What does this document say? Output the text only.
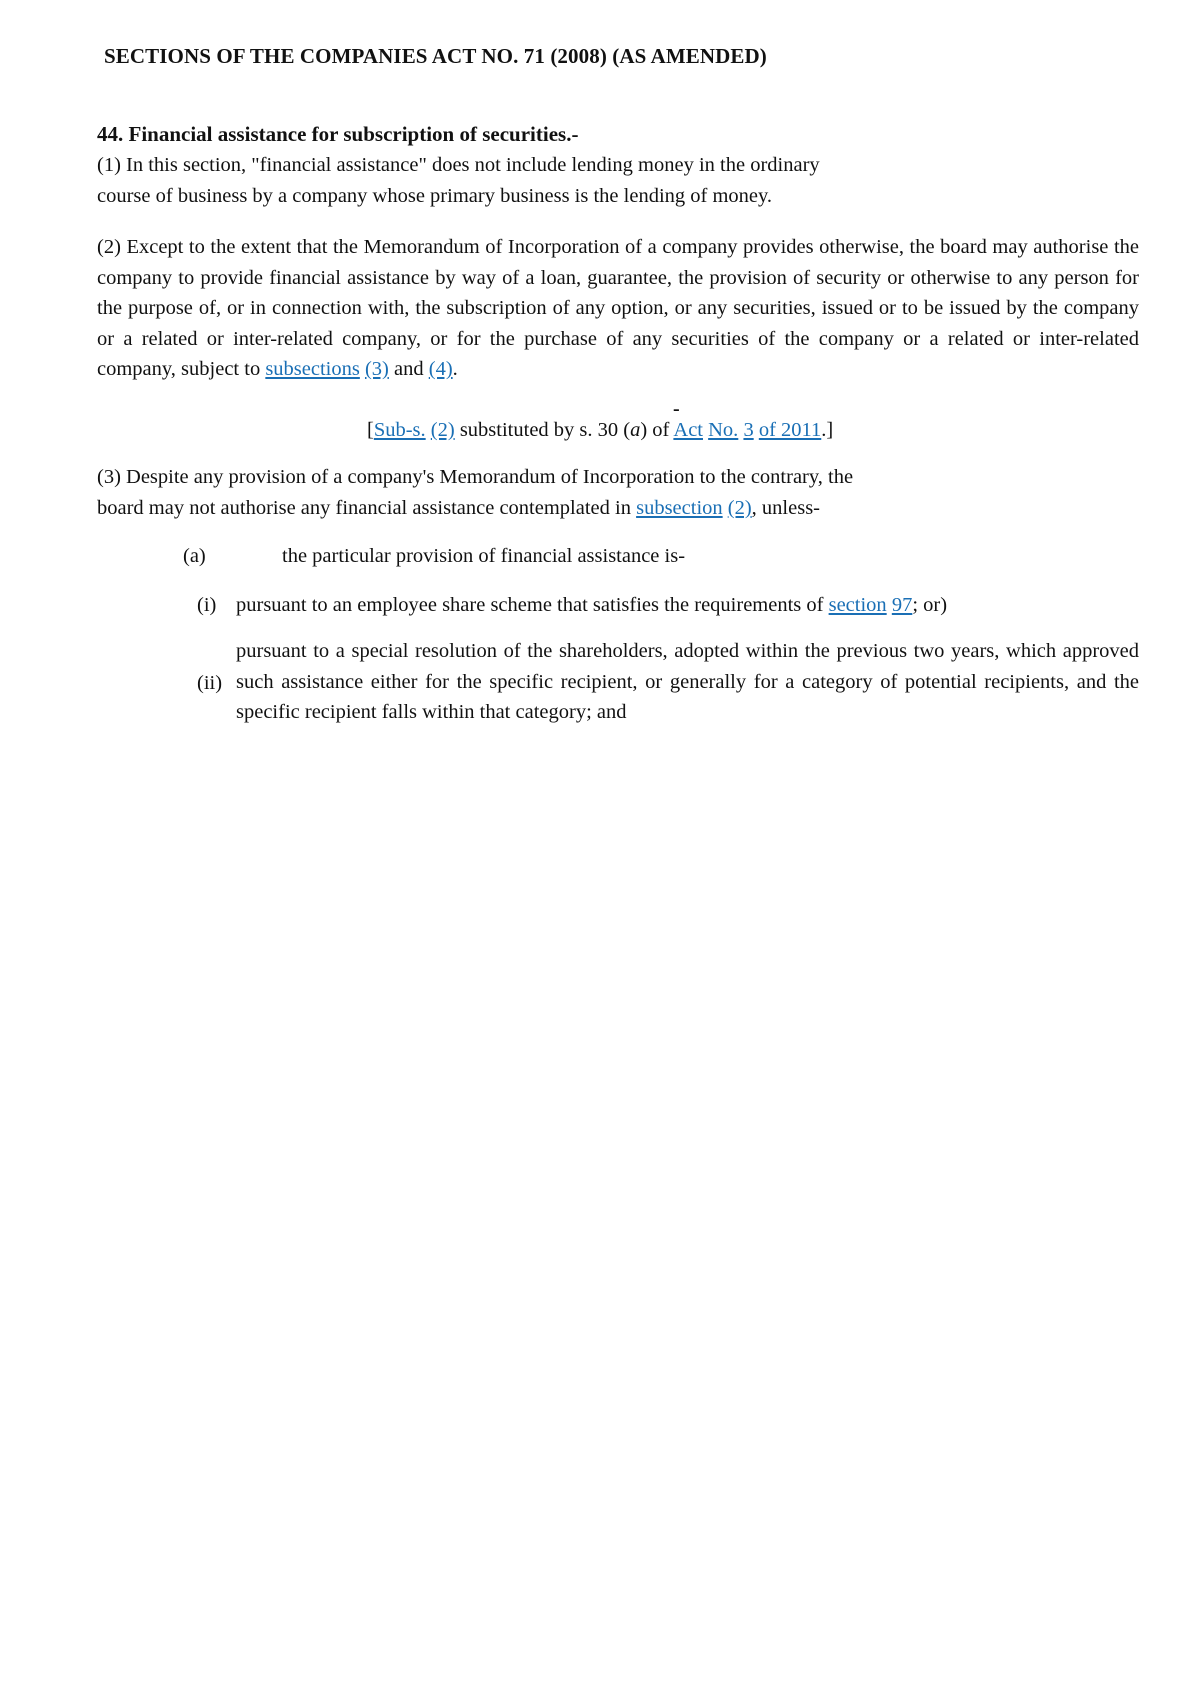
SECTIONS OF THE COMPANIES ACT NO. 71 (2008) (AS AMENDED)
44. Financial assistance for subscription of securities.-
(1) In this section, "financial assistance" does not include lending money in the ordinary
course of business by a company whose primary business is the lending of money.
(2) Except to the extent that the Memorandum of Incorporation of a company provides otherwise, the board may authorise the company to provide financial assistance by way of a loan, guarantee, the provision of security or otherwise to any person for the purpose of, or in connection with, the subscription of any option, or any securities, issued or to be issued by the company or a related or inter-related company, or for the purchase of any securities of the company or a related or inter-related company, subject to subsections (3) and (4).
-
[Sub-s. (2) substituted by s. 30 (a) of Act No. 3 of 2011.]
(3) Despite any provision of a company's Memorandum of Incorporation to the contrary, the
board may not authorise any financial assistance contemplated in subsection (2), unless-
(a)	the particular provision of financial assistance is-
(i) pursuant to an employee share scheme that satisfies the requirements of section 97; or)
(ii)
pursuant to a special resolution of the shareholders, adopted within the previous two years, which approved such assistance either for the specific recipient, or generally for a category of potential recipients, and the specific recipient falls within that category; and
